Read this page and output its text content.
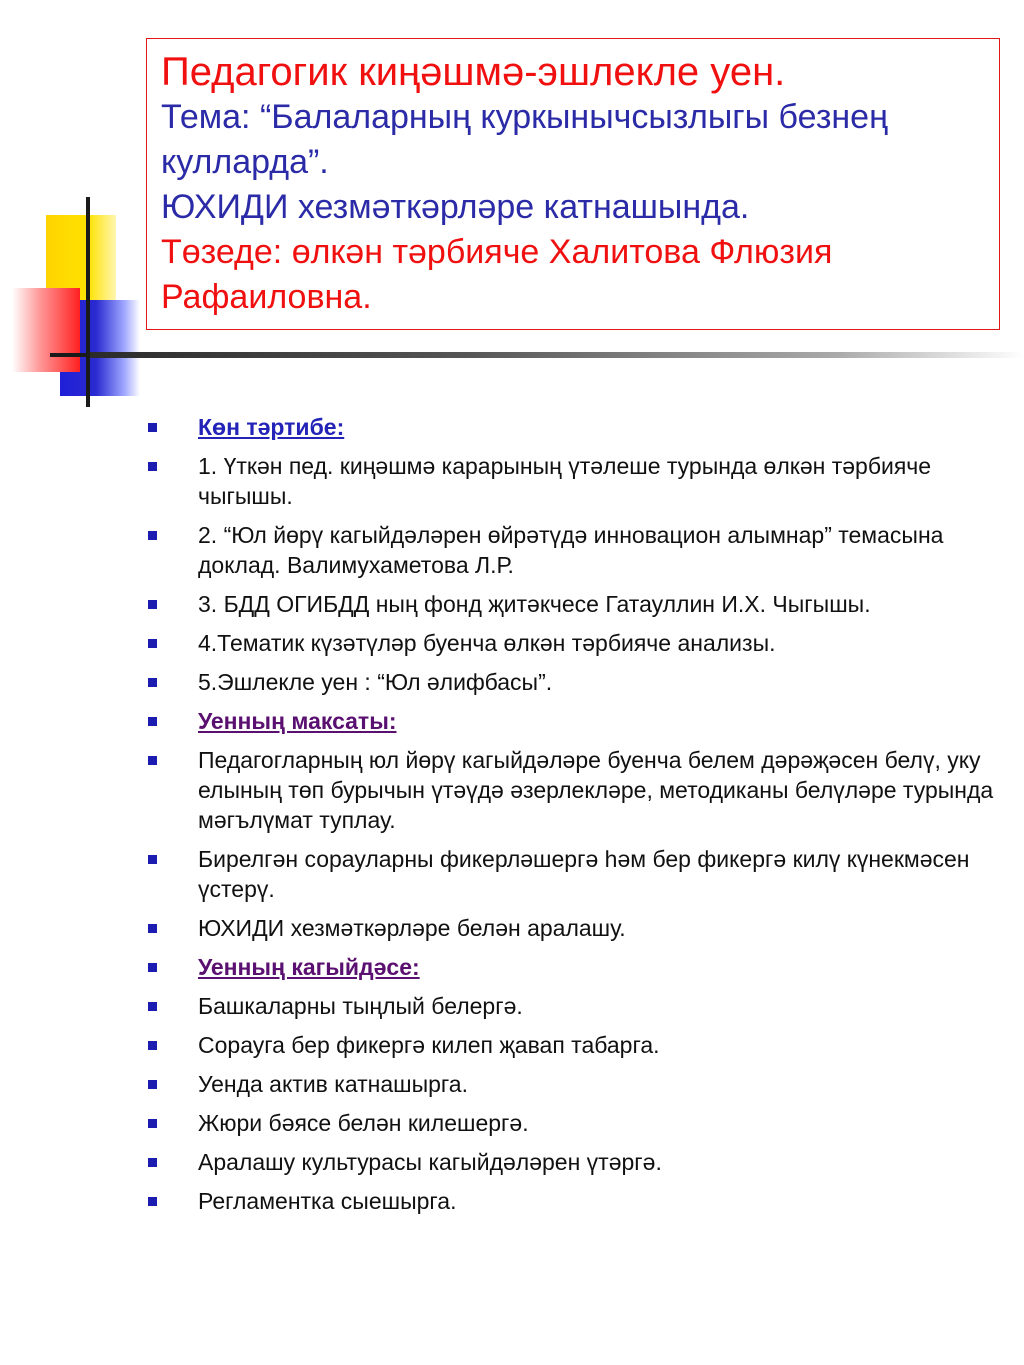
Педагогик киңәшмә-эшлекле уен.
Тема: “Балаларның куркынычсызлыгы безнең
кулларда”.
ЮХИДИ хезмәткәрләре катнашында.
Төзеде: өлкән тәрбияче Халитова Флюзия
Рафаиловна.
Көн тәртибе:
1. Үткән пед. киңәшмә карарының үтәлеше турында өлкән тәрбияче чыгышы.
2. “Юл йөрү кагыйдәләрен өйрәтүдә инновацион алымнар” темасына доклад. Валимухаметова Л.Р.
3. БДД ОГИБДД ның фонд җитәкчесе Гатауллин И.Х. Чыгышы.
4.Тематик күзәтүләр буенча өлкән тәрбияче анализы.
5.Эшлекле уен : “Юл әлифбасы”.
Уенның максаты:
Педагогларның юл йөрү кагыйдәләре буенча белем дәрәҗәсен белү, уку елының төп бурычын үтәүдә әзерлекләре, методиканы белүләре турында мәгълүмат туплау.
Бирелгән сорауларны фикерләшергә һәм бер фикергә килү күнекмәсен үстерү.
ЮХИДИ хезмәткәрләре белән аралашу.
Уенның кагыйдәсе:
Башкаларны тыңлый белергә.
Сорауга бер фикергә килеп җавап табарга.
Уенда актив катнашырга.
Жюри бәясе белән килешергә.
Аралашу культурасы кагыйдәләрен үтәргә.
Регламентка сыешырга.
